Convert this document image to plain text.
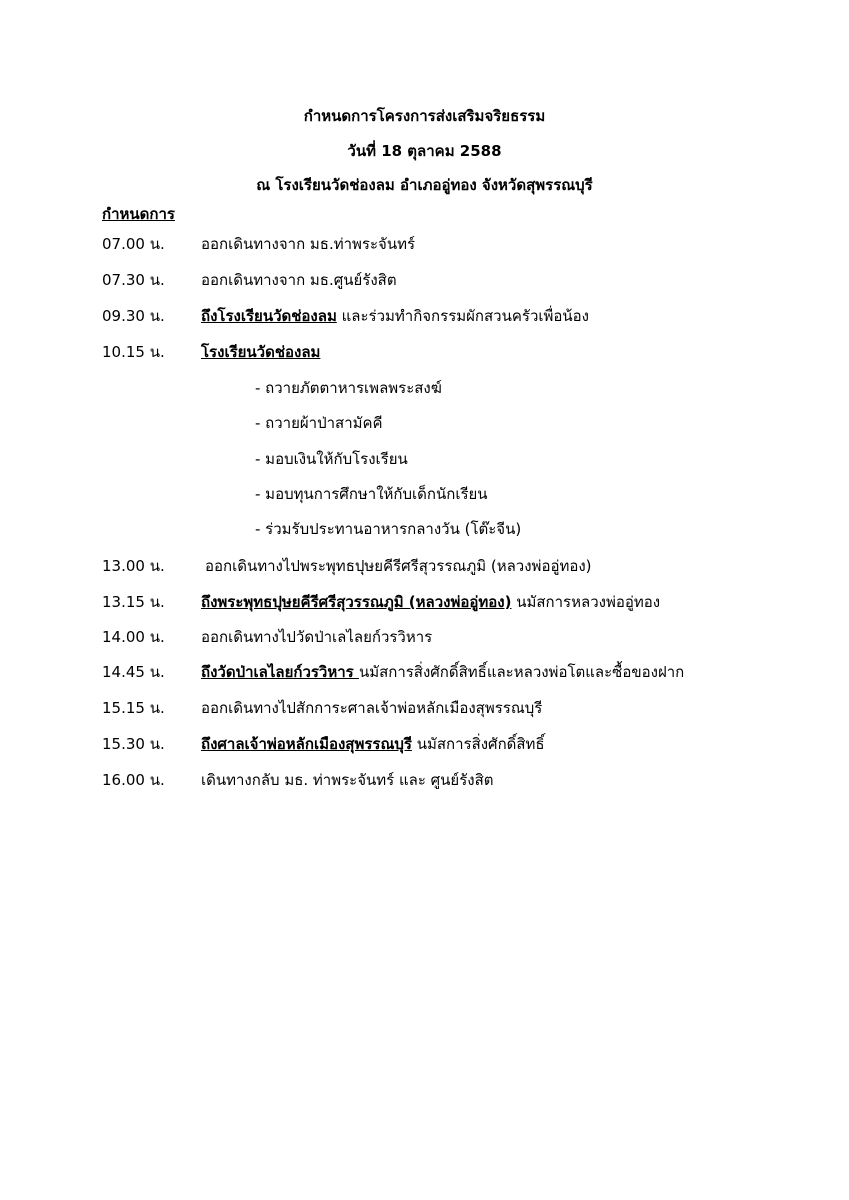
กำหนดการโครงการส่งเสริมจริยธรรม
วันที่ 18 ตุลาคม 2588
ณ โรงเรียนวัดช่องลม อำเภออู่ทอง จังหวัดสุพรรณบุรี
กำหนดการ
07.00 น. ออกเดินทางจาก มธ.ท่าพระจันทร์
07.30 น. ออกเดินทางจาก มธ.ศูนย์รังสิต
09.30 น. ถึงโรงเรียนวัดช่องลม และร่วมทำกิจกรรมผักสวนครัวเพื่อน้อง
10.15 น. โรงเรียนวัดช่องลม
- ถวายภัตตาหารเพลพระสงฆ์
- ถวายผ้าป่าสามัคคี
- มอบเงินให้กับโรงเรียน
- มอบทุนการศึกษาให้กับเด็กนักเรียน
- ร่วมรับประทานอาหารกลางวัน (โต๊ะจีน)
13.00 น.	ออกเดินทางไปพระพุทธปุษยคีรีศรีสุวรรณภูมิ (หลวงพ่ออู่ทอง)
13.15 น. ถึงพระพุทธปุษยคีรีศรีสุวรรณภูมิ (หลวงพ่ออู่ทอง) นมัสการหลวงพ่ออู่ทอง
14.00 น. ออกเดินทางไปวัดป่าเลไลยก์วรวิหาร
14.45 น. ถึงวัดป่าเลไลยก์วรวิหาร นมัสการสิ่งศักดิ์สิทธิ์และหลวงพ่อโตและซื้อของฝาก
15.15 น. ออกเดินทางไปสักการะศาลเจ้าพ่อหลักเมืองสุพรรณบุรี
15.30 น. ถึงศาลเจ้าพ่อหลักเมืองสุพรรณบุรี นมัสการสิ่งศักดิ์สิทธิ์
16.00 น. เดินทางกลับ มธ. ท่าพระจันทร์ และ ศูนย์รังสิต
